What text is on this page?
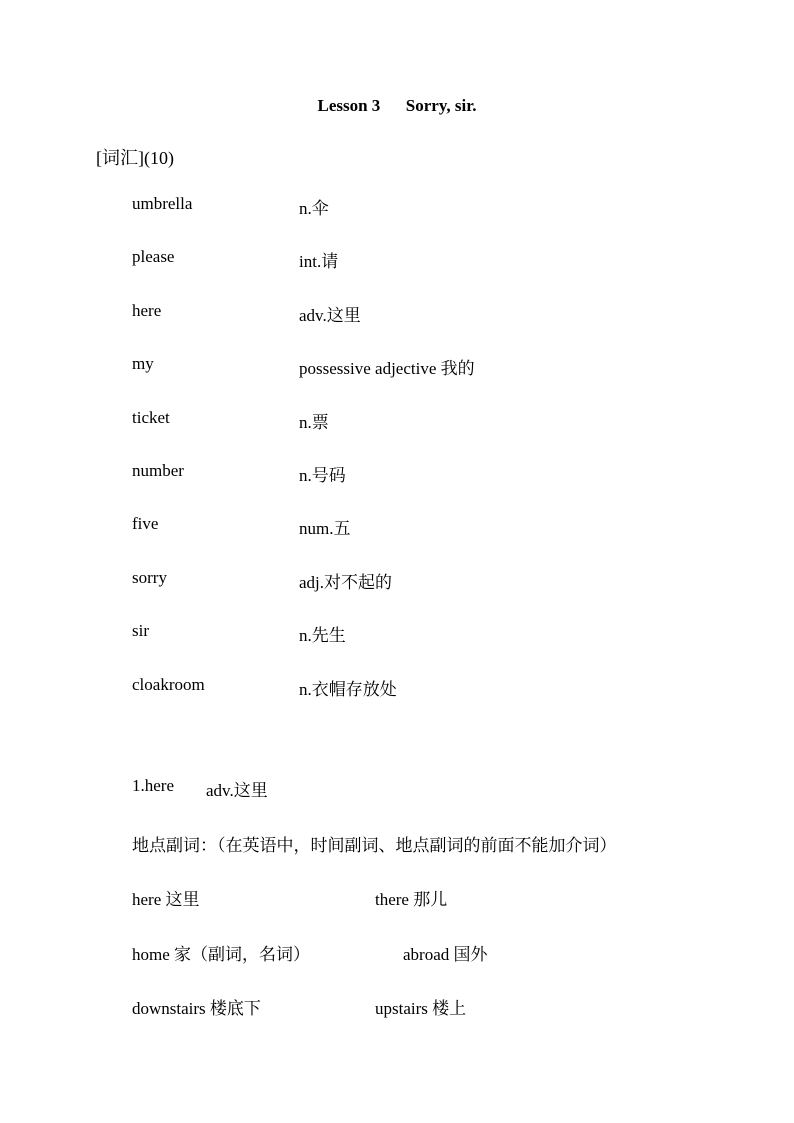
Lesson 3      Sorry, sir.
[词汇](10)
umbrella	n.伞
please	int.请
here	adv.这里
my	possessive adjective 我的
ticket	n.票
number	n.号码
five	num.五
sorry	adj.对不起的
sir	n.先生
cloakroom	n.衣帽存放处
1.here adv.这里
地点副词：（在英语中，时间副词、地点副词的前面不能加介词）
here 这里	there 那儿
home 家（副词，名词）	abroad 国外
downstairs 楼底下	upstairs 楼上
